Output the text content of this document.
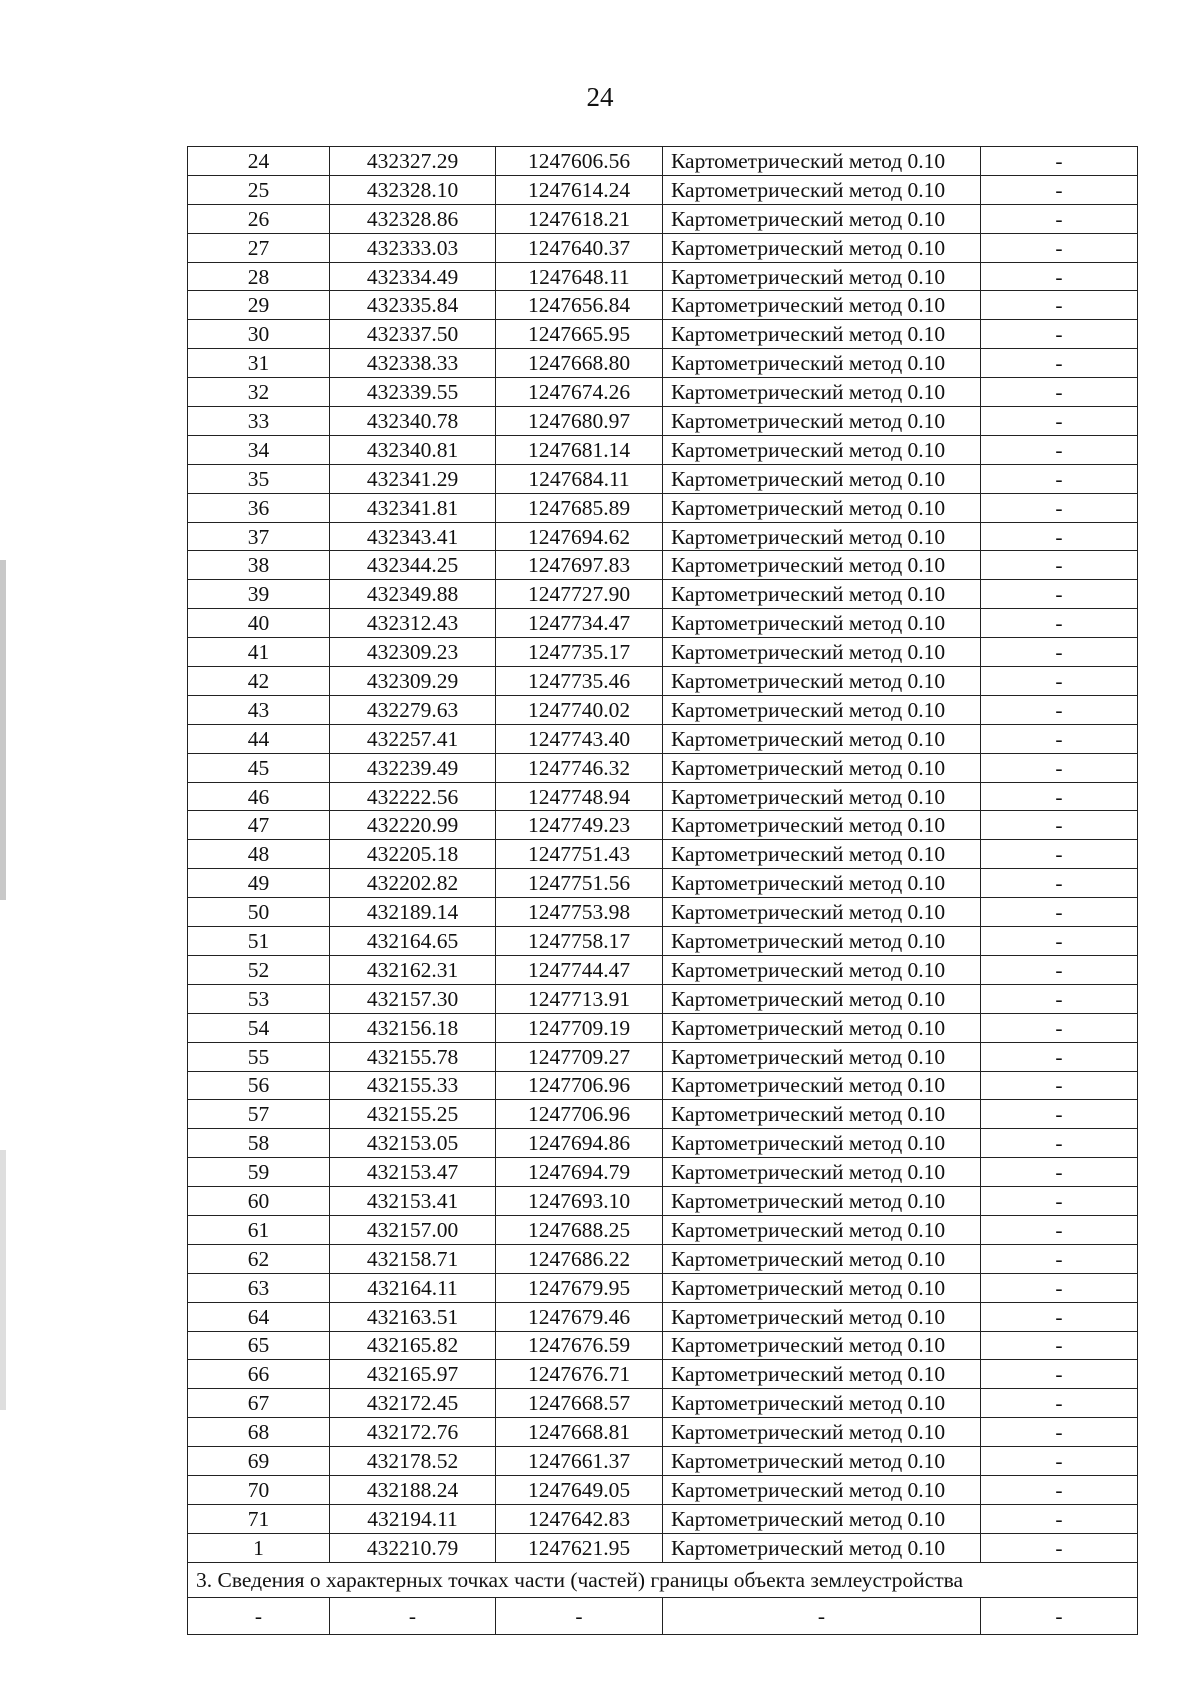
24
24	432327.29	1247606.56	Картометрический метод 0.10	-
25	432328.10	1247614.24	Картометрический метод 0.10	-
26	432328.86	1247618.21	Картометрический метод 0.10	-
27	432333.03	1247640.37	Картометрический метод 0.10	-
28	432334.49	1247648.11	Картометрический метод 0.10	-
29	432335.84	1247656.84	Картометрический метод 0.10	-
30	432337.50	1247665.95	Картометрический метод 0.10	-
31	432338.33	1247668.80	Картометрический метод 0.10	-
32	432339.55	1247674.26	Картометрический метод 0.10	-
33	432340.78	1247680.97	Картометрический метод 0.10	-
34	432340.81	1247681.14	Картометрический метод 0.10	-
35	432341.29	1247684.11	Картометрический метод 0.10	-
36	432341.81	1247685.89	Картометрический метод 0.10	-
37	432343.41	1247694.62	Картометрический метод 0.10	-
38	432344.25	1247697.83	Картометрический метод 0.10	-
39	432349.88	1247727.90	Картометрический метод 0.10	-
40	432312.43	1247734.47	Картометрический метод 0.10	-
41	432309.23	1247735.17	Картометрический метод 0.10	-
42	432309.29	1247735.46	Картометрический метод 0.10	-
43	432279.63	1247740.02	Картометрический метод 0.10	-
44	432257.41	1247743.40	Картометрический метод 0.10	-
45	432239.49	1247746.32	Картометрический метод 0.10	-
46	432222.56	1247748.94	Картометрический метод 0.10	-
47	432220.99	1247749.23	Картометрический метод 0.10	-
48	432205.18	1247751.43	Картометрический метод 0.10	-
49	432202.82	1247751.56	Картометрический метод 0.10	-
50	432189.14	1247753.98	Картометрический метод 0.10	-
51	432164.65	1247758.17	Картометрический метод 0.10	-
52	432162.31	1247744.47	Картометрический метод 0.10	-
53	432157.30	1247713.91	Картометрический метод 0.10	-
54	432156.18	1247709.19	Картометрический метод 0.10	-
55	432155.78	1247709.27	Картометрический метод 0.10	-
56	432155.33	1247706.96	Картометрический метод 0.10	-
57	432155.25	1247706.96	Картометрический метод 0.10	-
58	432153.05	1247694.86	Картометрический метод 0.10	-
59	432153.47	1247694.79	Картометрический метод 0.10	-
60	432153.41	1247693.10	Картометрический метод 0.10	-
61	432157.00	1247688.25	Картометрический метод 0.10	-
62	432158.71	1247686.22	Картометрический метод 0.10	-
63	432164.11	1247679.95	Картометрический метод 0.10	-
64	432163.51	1247679.46	Картометрический метод 0.10	-
65	432165.82	1247676.59	Картометрический метод 0.10	-
66	432165.97	1247676.71	Картометрический метод 0.10	-
67	432172.45	1247668.57	Картометрический метод 0.10	-
68	432172.76	1247668.81	Картометрический метод 0.10	-
69	432178.52	1247661.37	Картометрический метод 0.10	-
70	432188.24	1247649.05	Картометрический метод 0.10	-
71	432194.11	1247642.83	Картометрический метод 0.10	-
1	432210.79	1247621.95	Картометрический метод 0.10	-
3. Сведения о характерных точках части (частей) границы объекта землеустройства				
-	-	-	-	-
